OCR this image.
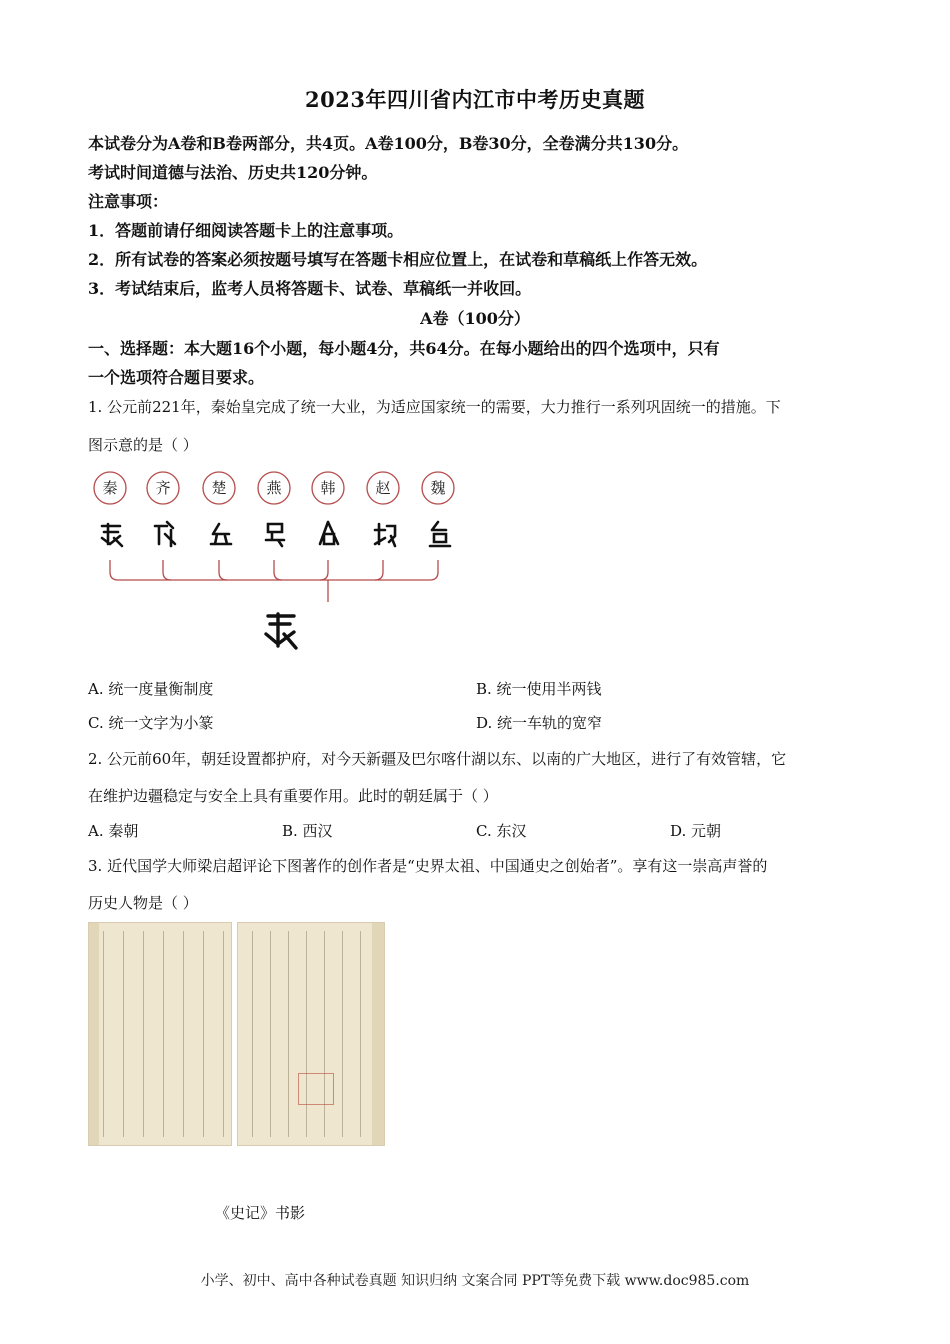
2023年四川省内江市中考历史真题
本试卷分为A卷和B卷两部分，共4页。A卷100分，B卷30分，全卷满分共130分。
考试时间道德与法治、历史共120分钟。
注意事项：
1．答题前请仔细阅读答题卡上的注意事项。
2．所有试卷的答案必须按题号填写在答题卡相应位置上，在试卷和草稿纸上作答无效。
3．考试结束后，监考人员将答题卡、试卷、草稿纸一并收回。
A卷（100分）
一、选择题：本大题16个小题，每小题4分，共64分。在每小题给出的四个选项中，只有
一个选项符合题目要求。
1. 公元前221年，秦始皇完成了统一大业，为适应国家统一的需要，大力推行一系列巩固统一的措施。下
图示意的是（ ）
秦	齐	楚	燕	韩	赵	魏
A. 统一度量衡制度	B. 统一使用半两钱
C. 统一文字为小篆	D. 统一车轨的宽窄
2. 公元前60年，朝廷设置都护府，对今天新疆及巴尔喀什湖以东、以南的广大地区，进行了有效管辖，它
在维护边疆稳定与安全上具有重要作用。此时的朝廷属于（ ）
A. 秦朝	B. 西汉	C. 东汉	D. 元朝
3. 近代国学大师梁启超评论下图著作的创作者是“史界太祖、中国通史之创始者”。享有这一崇高声誉的
历史人物是（ ）
《史记》书影
小学、初中、高中各种试卷真题 知识归纳 文案合同 PPT等免费下载 www.doc985.com
